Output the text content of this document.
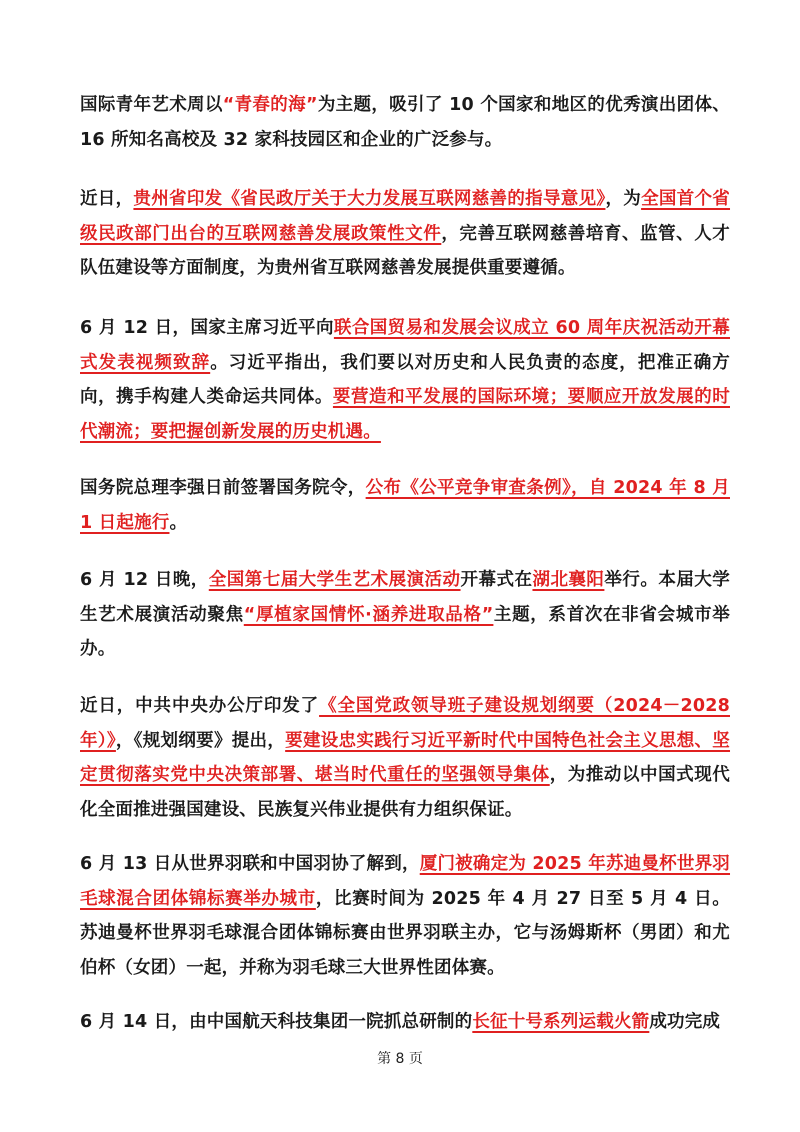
国际青年艺术周以“青春的海”为主题，吸引了 10 个国家和地区的优秀演出团体、16 所知名高校及 32 家科技园区和企业的广泛参与。

近日，贵州省印发《省民政厅关于大力发展互联网慈善的指导意见》，为全国首个省级民政部门出台的互联网慈善发展政策性文件，完善互联网慈善培育、监管、人才队伍建设等方面制度，为贵州省互联网慈善发展提供重要遵循。

6 月 12 日，国家主席习近平向联合国贸易和发展会议成立 60 周年庆祝活动开幕式发表视频致辞。习近平指出，我们要以对历史和人民负责的态度，把准正确方向，携手构建人类命运共同体。要营造和平发展的国际环境；要顺应开放发展的时代潮流；要把握创新发展的历史机遇。

国务院总理李强日前签署国务院令，公布《公平竞争审查条例》，自 2024 年 8 月 1 日起施行。

6 月 12 日晚，全国第七届大学生艺术展演活动开幕式在湖北襄阳举行。本届大学生艺术展演活动聚焦“厚植家国情怀·涵养进取品格”主题，系首次在非省会城市举办。

近日，中共中央办公厅印发了《全国党政领导班子建设规划纲要（2024－2028 年）》，《规划纲要》提出，要建设忠实践行习近平新时代中国特色社会主义思想、坚定贯彻落实党中央决策部署、堪当时代重任的坚强领导集体，为推动以中国式现代化全面推进强国建设、民族复兴伟业提供有力组织保证。

6 月 13 日从世界羽联和中国羽协了解到，厦门被确定为 2025 年苏迪曼杯世界羽毛球混合团体锦标赛举办城市，比赛时间为 2025 年 4 月 27 日至 5 月 4 日。苏迪曼杯世界羽毛球混合团体锦标赛由世界羽联主办，它与汤姆斯杯（男团）和尤伯杯（女团）一起，并称为羽毛球三大世界性团体赛。

6 月 14 日，由中国航天科技集团一院抓总研制的长征十号系列运载火箭成功完成

第 8 页
